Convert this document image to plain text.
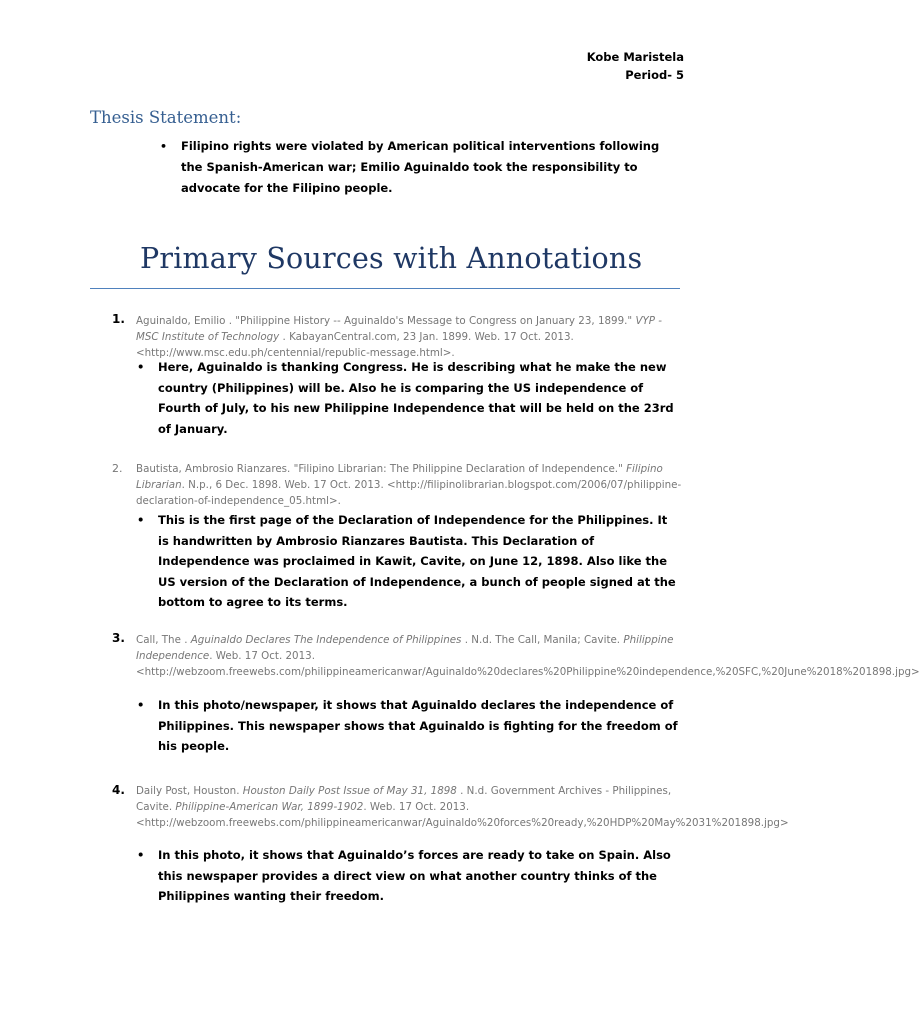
Kobe Maristela
Period- 5
Thesis Statement:
• Filipino rights were violated by American political interventions following the Spanish-American war; Emilio Aguinaldo took the responsibility to advocate for the Filipino people.
Primary Sources with Annotations
1. Aguinaldo, Emilio . "Philippine History -- Aguinaldo's Message to Congress on January 23, 1899." VYP - MSC Institute of Technology . KabayanCentral.com, 23 Jan. 1899. Web. 17 Oct. 2013. <http://www.msc.edu.ph/centennial/republic-message.html>.
• Here, Aguinaldo is thanking Congress. He is describing what he make the new country (Philippines) will be. Also he is comparing the US independence of Fourth of July, to his new Philippine Independence that will be held on the 23rd of January.
2. Bautista, Ambrosio Rianzares. "Filipino Librarian: The Philippine Declaration of Independence." Filipino Librarian. N.p., 6 Dec. 1898. Web. 17 Oct. 2013. <http://filipinolibrarian.blogspot.com/2006/07/philippine-declaration-of-independence_05.html>.
• This is the first page of the Declaration of Independence for the Philippines. It is handwritten by Ambrosio Rianzares Bautista. This Declaration of Independence was proclaimed in Kawit, Cavite, on June 12, 1898. Also like the US version of the Declaration of Independence, a bunch of people signed at the bottom to agree to its terms.
3. Call, The . Aguinaldo Declares The Independence of Philippines . N.d. The Call, Manila; Cavite. Philippine Independence. Web. 17 Oct. 2013. <http://webzoom.freewebs.com/philippineamericanwar/Aguinaldo%20declares%20Philippine%20independence,%20SFC,%20June%2018%201898.jpg>
• In this photo/newspaper, it shows that Aguinaldo declares the independence of Philippines. This newspaper shows that Aguinaldo is fighting for the freedom of his people.
4. Daily Post, Houston. Houston Daily Post Issue of May 31, 1898 . N.d. Government Archives - Philippines, Cavite. Philippine-American War, 1899-1902. Web. 17 Oct. 2013. <http://webzoom.freewebs.com/philippineamericanwar/Aguinaldo%20forces%20ready,%20HDP%20May%2031%201898.jpg>
• In this photo, it shows that Aguinaldo’s forces are ready to take on Spain. Also this newspaper provides a direct view on what another country thinks of the Philippines wanting their freedom.
